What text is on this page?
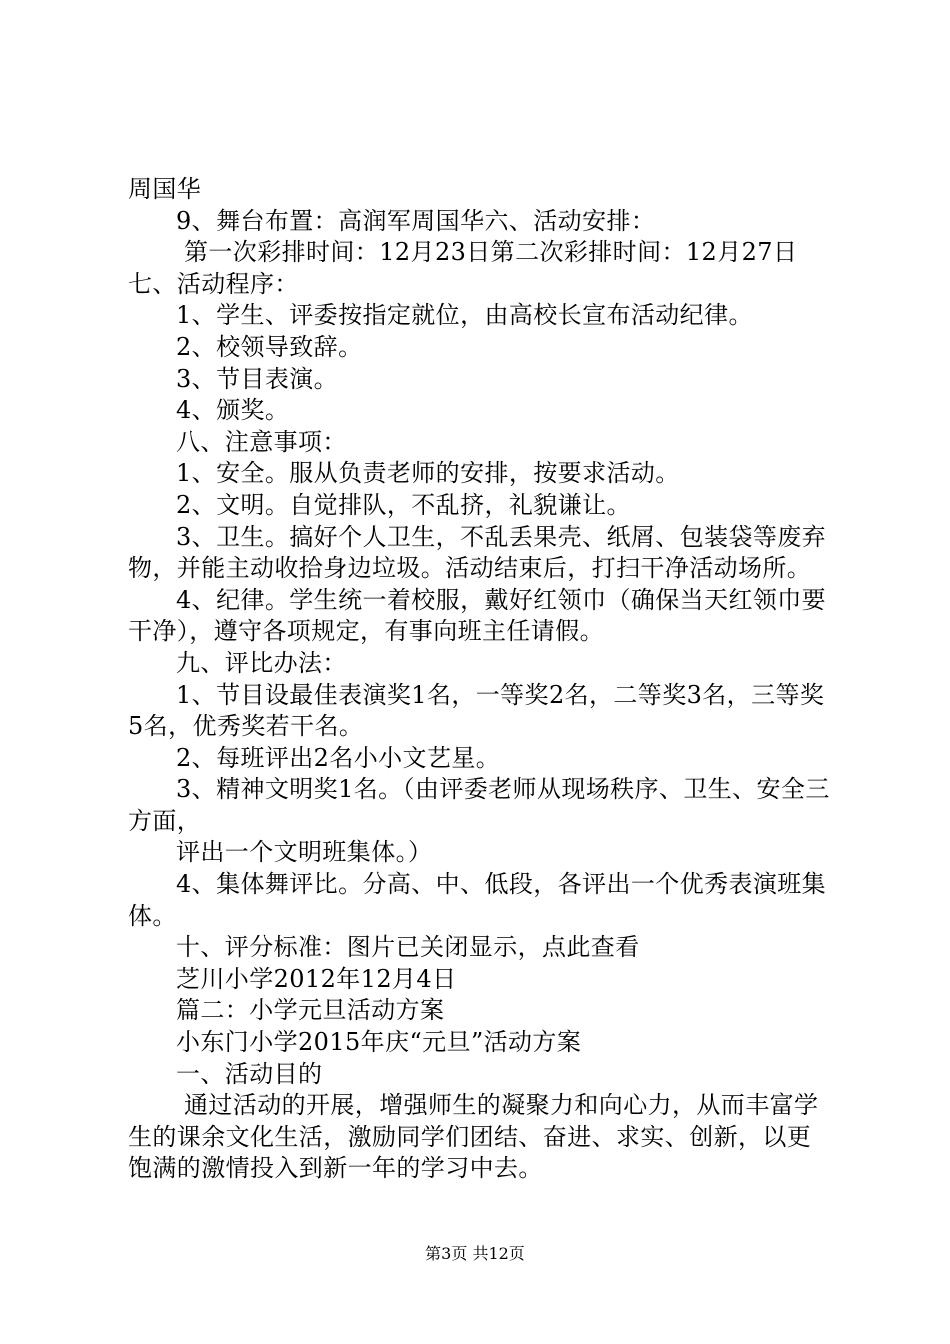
周国华

9、舞台布置：高润军周国华六、活动安排：

第一次彩排时间：12月23日第二次彩排时间：12月27日七、活动程序：

1、学生、评委按指定就位，由高校长宣布活动纪律。

2、校领导致辞。

3、节目表演。

4、颁奖。

八、注意事项：

1、安全。服从负责老师的安排，按要求活动。

2、文明。自觉排队，不乱挤，礼貌谦让。

3、卫生。搞好个人卫生，不乱丢果壳、纸屑、包装袋等废弃物，并能主动收拾身边垃圾。活动结束后，打扫干净活动场所。

4、纪律。学生统一着校服，戴好红领巾（确保当天红领巾要干净），遵守各项规定，有事向班主任请假。

九、评比办法：

1、节目设最佳表演奖1名，一等奖2名，二等奖3名，三等奖5名，优秀奖若干名。

2、每班评出2名小小文艺星。

3、精神文明奖1名。（由评委老师从现场秩序、卫生、安全三方面，

评出一个文明班集体。）

4、集体舞评比。分高、中、低段，各评出一个优秀表演班集体。

十、评分标准：图片已关闭显示，点此查看

芝川小学2012年12月4日

篇二：小学元旦活动方案

小东门小学2015年庆“元旦”活动方案

一、活动目的

通过活动的开展，增强师生的凝聚力和向心力，从而丰富学生的课余文化生活，激励同学们团结、奋进、求实、创新，以更饱满的激情投入到新一年的学习中去。

第3页 共12页
